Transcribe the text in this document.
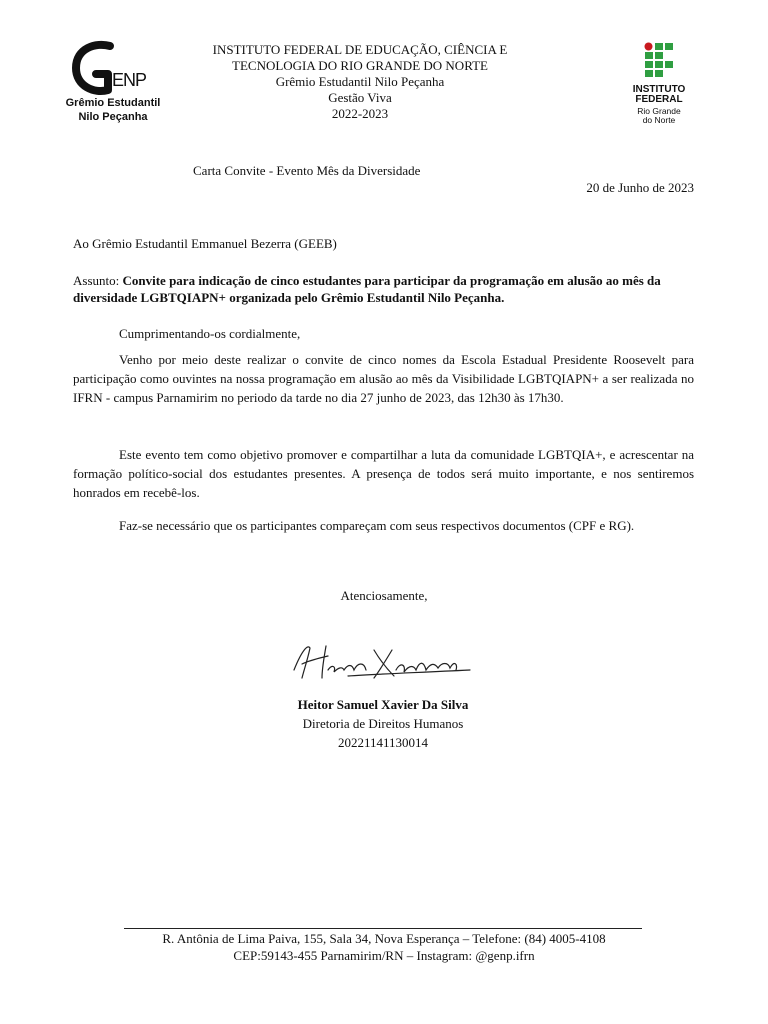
ENP
Grêmio Estudantil
Nilo Peçanha
INSTITUTO FEDERAL DE EDUCAÇÃO, CIÊNCIA E
TECNOLOGIA DO RIO GRANDE DO NORTE
Grêmio Estudantil Nilo Peçanha
Gestão Viva
2022-2023
INSTITUTO
FEDERAL
Rio Grande
do Norte
Carta Convite - Evento Mês da Diversidade
20 de Junho de 2023
Ao Grêmio Estudantil Emmanuel Bezerra (GEEB)
Assunto: Convite para indicação de cinco estudantes para participar da programação em alusão ao mês da diversidade LGBTQIAPN+ organizada pelo Grêmio Estudantil Nilo Peçanha.
Cumprimentando-os cordialmente,
Venho por meio deste realizar o convite de cinco nomes da Escola Estadual Presidente Roosevelt para participação como ouvintes na nossa programação em alusão ao mês da Visibilidade LGBTQIAPN+ a ser realizada no IFRN - campus Parnamirim no periodo da tarde no dia 27 junho de 2023, das 12h30 às 17h30.
Este evento tem como objetivo promover e compartilhar a luta da comunidade LGBTQIA+, e acrescentar na formação político-social dos estudantes presentes. A presença de todos será muito importante, e nos sentiremos honrados em recebê-los.
Faz-se necessário que os participantes compareçam com seus respectivos documentos (CPF e RG).
Atenciosamente,
Heitor Samuel Xavier Da Silva
Diretoria de Direitos Humanos
20221141130014
R. Antônia de Lima Paiva, 155, Sala 34, Nova Esperança – Telefone: (84) 4005-4108
CEP:59143-455 Parnamirim/RN – Instagram: @genp.ifrn
